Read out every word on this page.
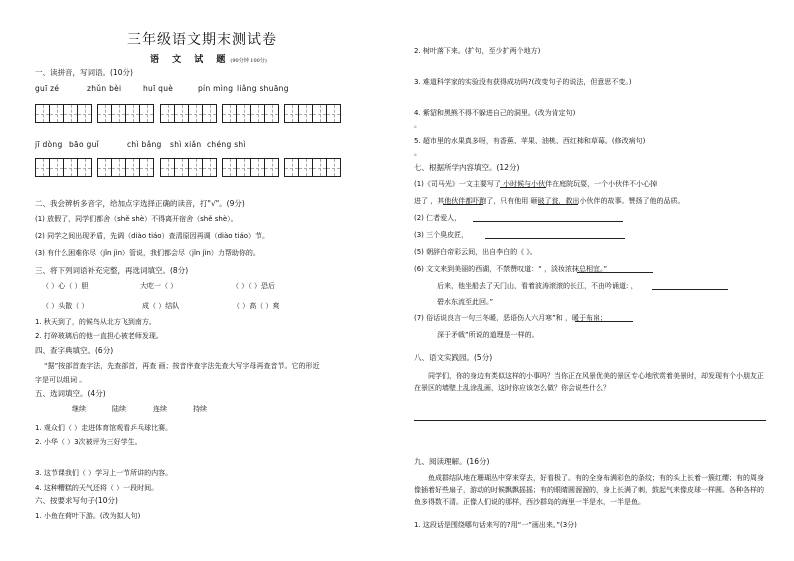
三年级语文期末测试卷
语 文 试 题(90分钟 100分)
一、读拼音，写词语。(10分)
guī zé	zhǔn bèi	huī què	pín mìng liǎng shuāng
jī dòng bāo guǐ	chì bǎng shì xiǎn chéng shì
二、我会辨析多音字，给加点字选择正确的读音，打"√"。(9分)
(1) 放假了，同学们都舍（shě shè）不得离开宿舍（shě shè）。
(2) 同学之间出现矛盾，先调（diào tiáo）查清原因再调（diào tiáo）节。
(3) 有什么困难你尽（jǐn jìn）管说，我们都会尽（jǐn jìn）力帮助你的。
三、将下列词语补充完整，再选词填空。(8分)
（ ）心（ ）胆	大吃一（ ）	（ ）（ ）恐后
（ ）头散（ ）	成（ ）结队	（ ）高（ ）爽
1. 秋天到了，的候鸟从北方飞到南方。
2. 打碎玻璃后的他一直担心被老师发现。
四、查字典填空。(6分)
“据”按部首查字法，先查部首，再查 画；按音序查字法先查大写字母再查音节。它的形近
字是可以组词 。
五、选词填空。(4分)
继续	陆续	连续	持续
1. 观众们（ ）走进体育馆观看乒乓球比赛。
2. 小华（ ）3次被评为三好学生。
3. 这节课我们（ ）学习上一节所讲的内容。
4. 这种糟糕的天气还将（ ）一段时间。
六、按要求写句子(10分)
1. 小鱼在荷叶下游。(改为拟人句)
2. 树叶落下来。(扩句，至少扩两个地方)
3. 难道科学家的实验没有获得成功吗?(改变句子的说法，但意思不变。)
4. 紫貂和黑熊不得不躲进自己的洞里。(改为肯定句)
。
5. 超市里的水果真多呀，有香蕉、苹果、油桃、西红柿和草莓。(修改病句)
。
七、根据所学内容填空。(12分)
(1)《司马光》一文主要写了 小时候与小伙伴在庭院玩耍，一个小伙伴不小心掉
进了 ，其他伙伴都吓跑了，只有他用 砸破了瓮，救出小伙伴的故事。赞扬了他的品质。
(2) 仁者爱人，
(3) 三个臭皮匠，
(5) 朝辞白帝彩云间，出自李白的《 》。
(6) 文文来到美丽的西湖，不禁赞叹道：“ ，淡妆浓抹总相宜。”
后来，他坐船去了天门山，看着波涛滚滚的长江，不由吟诵道: ，
碧水东流至此回。”
(7) 俗话说良言一句三冬暖，恶语伤人六月寒”和 ，暖于布帛；
深于矛戟”所说的道理是一样的。
八、语文实践园。(5分)
同学们，你的身边有类似这样的小事吗？当你正在风景优美的景区专心地欣赏着美景时，却发现有个小朋友正在景区的墙壁上乱涂乱画，这时你应该怎么做？你会说些什么？
九、阅读理解。(16分)
鱼成群结队地在珊瑚丛中穿来穿去，好看极了。有的全身布满彩色的条纹；有的头上长着一簇红缨；有的周身像插着好些扇子，游动的时候飘飘摇摇；有的眼睛圆溜溜的，身上长满了刺，鼓起气来像皮球一样圆。各种各样的鱼多得数不清。正像人们说的那样，西沙群岛的海里一半是水，一半是鱼。
1. 这段话是围绕哪句话来写的?用“一”画出来。”(3分)
